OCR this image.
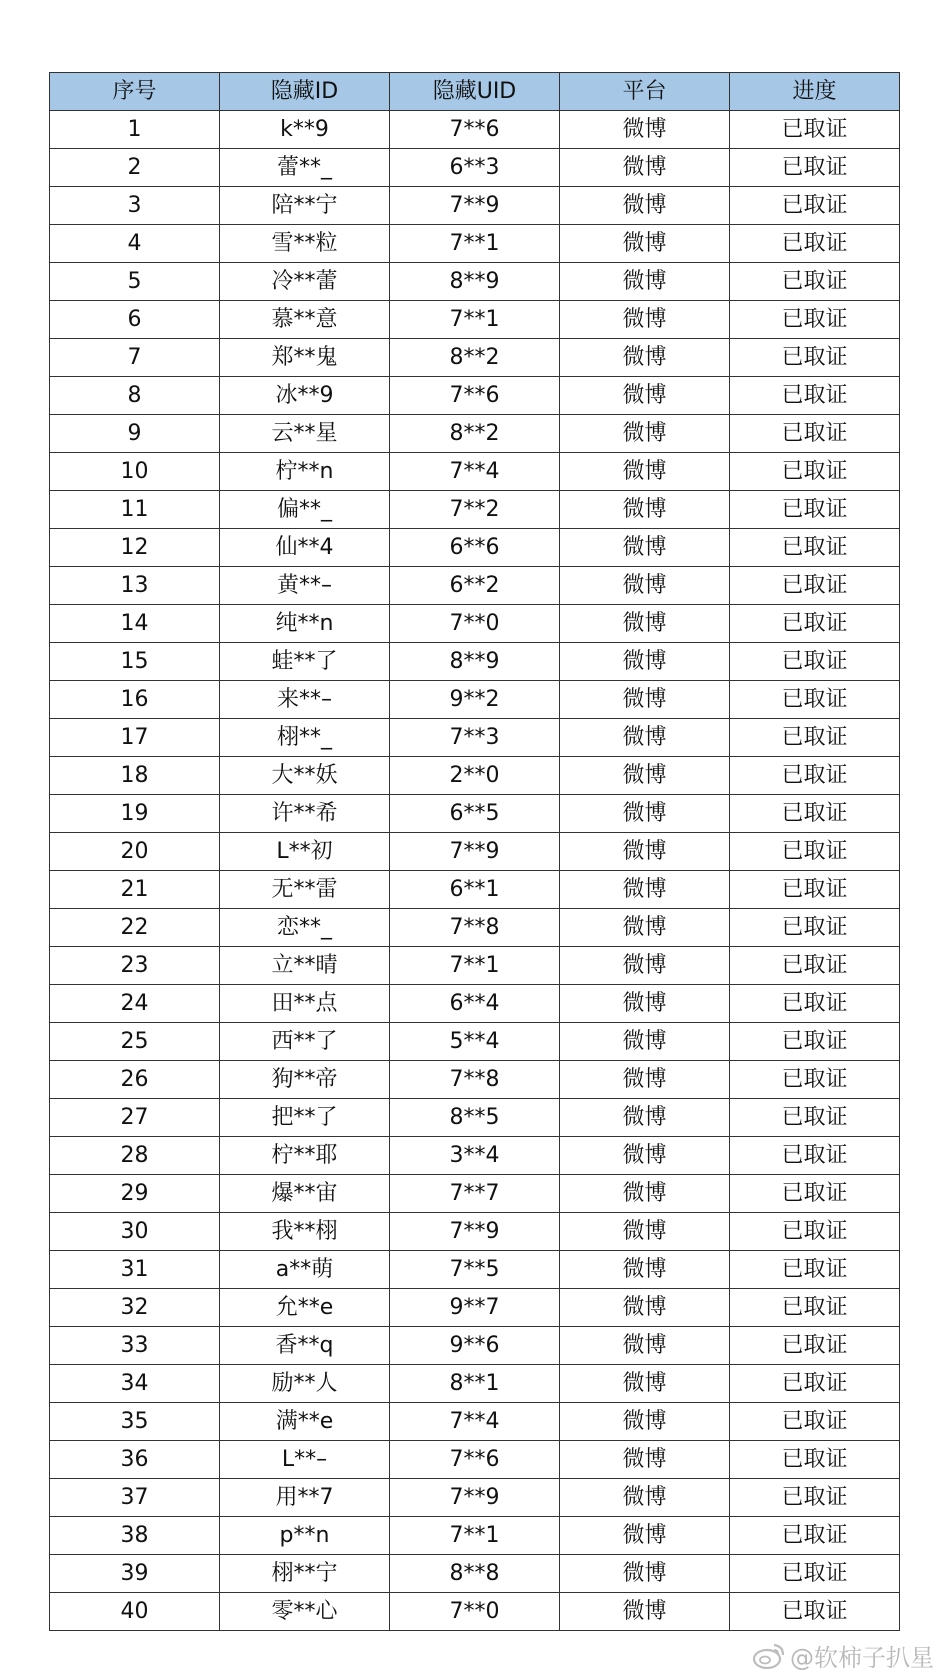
序号	隐藏ID	隐藏UID	平台	进度
1	k**9	7**6	微博	已取证
2	蕾**_	6**3	微博	已取证
3	陪**宁	7**9	微博	已取证
4	雪**粒	7**1	微博	已取证
5	冷**蕾	8**9	微博	已取证
6	慕**意	7**1	微博	已取证
7	郑**鬼	8**2	微博	已取证
8	冰**9	7**6	微博	已取证
9	云**星	8**2	微博	已取证
10	柠**n	7**4	微博	已取证
11	偏**_	7**2	微博	已取证
12	仙**4	6**6	微博	已取证
13	黄**–	6**2	微博	已取证
14	纯**n	7**0	微博	已取证
15	蛙**了	8**9	微博	已取证
16	来**–	9**2	微博	已取证
17	栩**_	7**3	微博	已取证
18	大**妖	2**0	微博	已取证
19	许**希	6**5	微博	已取证
20	L**初	7**9	微博	已取证
21	无**雷	6**1	微博	已取证
22	恋**_	7**8	微博	已取证
23	立**晴	7**1	微博	已取证
24	田**点	6**4	微博	已取证
25	西**了	5**4	微博	已取证
26	狗**帝	7**8	微博	已取证
27	把**了	8**5	微博	已取证
28	柠**耶	3**4	微博	已取证
29	爆**宙	7**7	微博	已取证
30	我**栩	7**9	微博	已取证
31	a**萌	7**5	微博	已取证
32	允**e	9**7	微博	已取证
33	香**q	9**6	微博	已取证
34	励**人	8**1	微博	已取证
35	满**e	7**4	微博	已取证
36	L**–	7**6	微博	已取证
37	用**7	7**9	微博	已取证
38	p**n	7**1	微博	已取证
39	栩**宁	8**8	微博	已取证
40	零**心	7**0	微博	已取证
@软柿子扒星
